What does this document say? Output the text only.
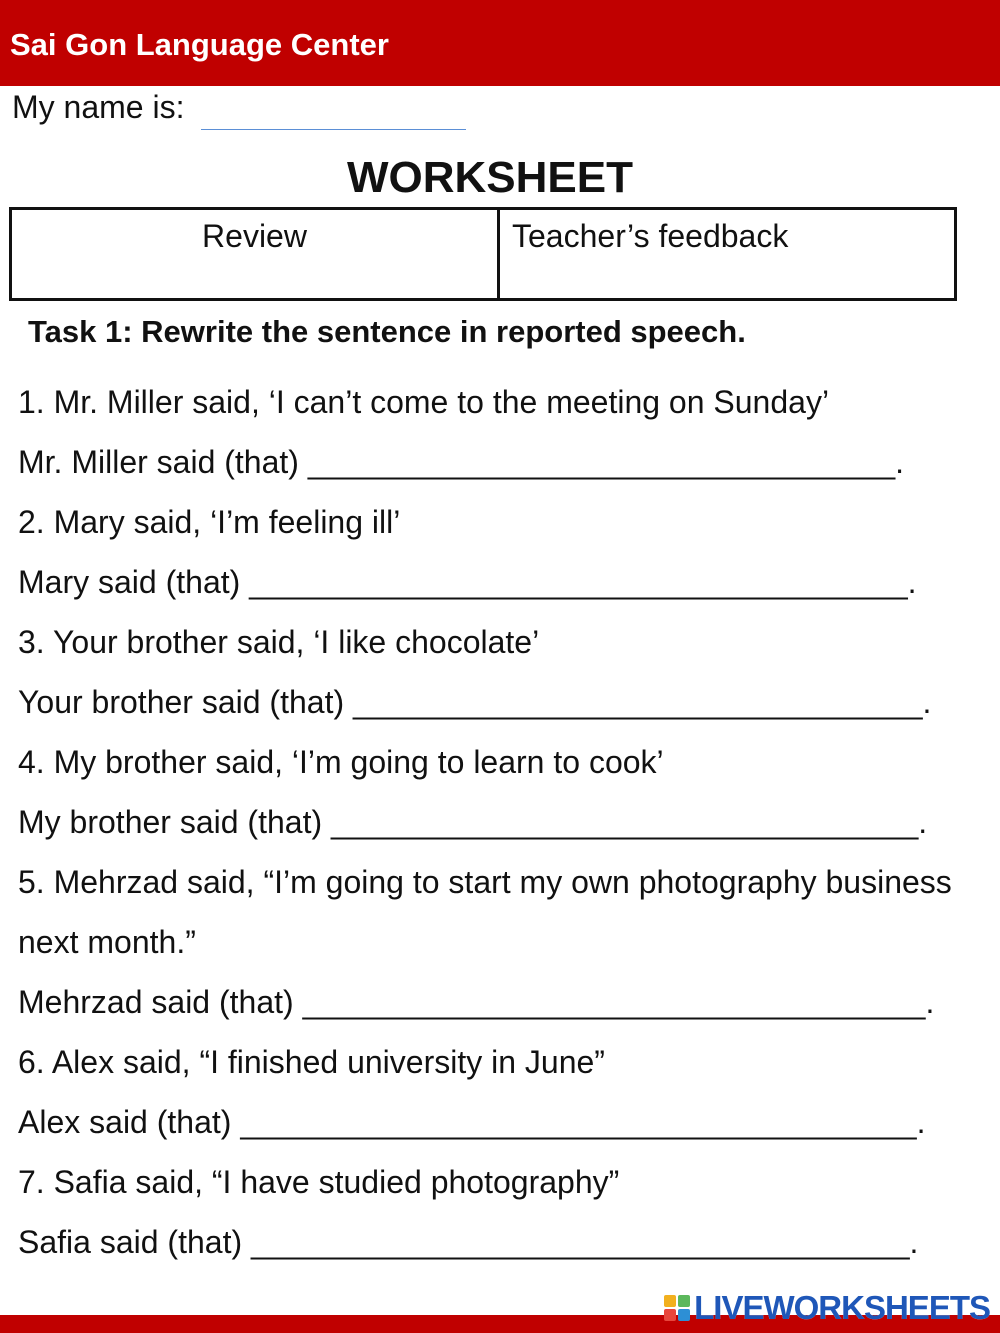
Sai Gon Language Center
My name is:
WORKSHEET
Review	Teacher’s feedback
Task 1: Rewrite the sentence in reported speech.
1. Mr. Miller said, ‘I can’t come to the meeting on Sunday’
Mr. Miller said (that) _________________________________.
2. Mary said, ‘I’m feeling ill’
Mary said (that) _____________________________________.
3. Your brother said, ‘I like chocolate’
Your brother said (that) ________________________________.
4. My brother said, ‘I’m going to learn to cook’
My brother said (that) _________________________________.
5. Mehrzad said, “I’m going to start my own photography business
next month.”
Mehrzad said (that) ___________________________________.
6. Alex said, “I finished university in June”
Alex said (that) ______________________________________.
7. Safia said, “I have studied photography”
Safia said (that) _____________________________________.
LIVEWORKSHEETS
